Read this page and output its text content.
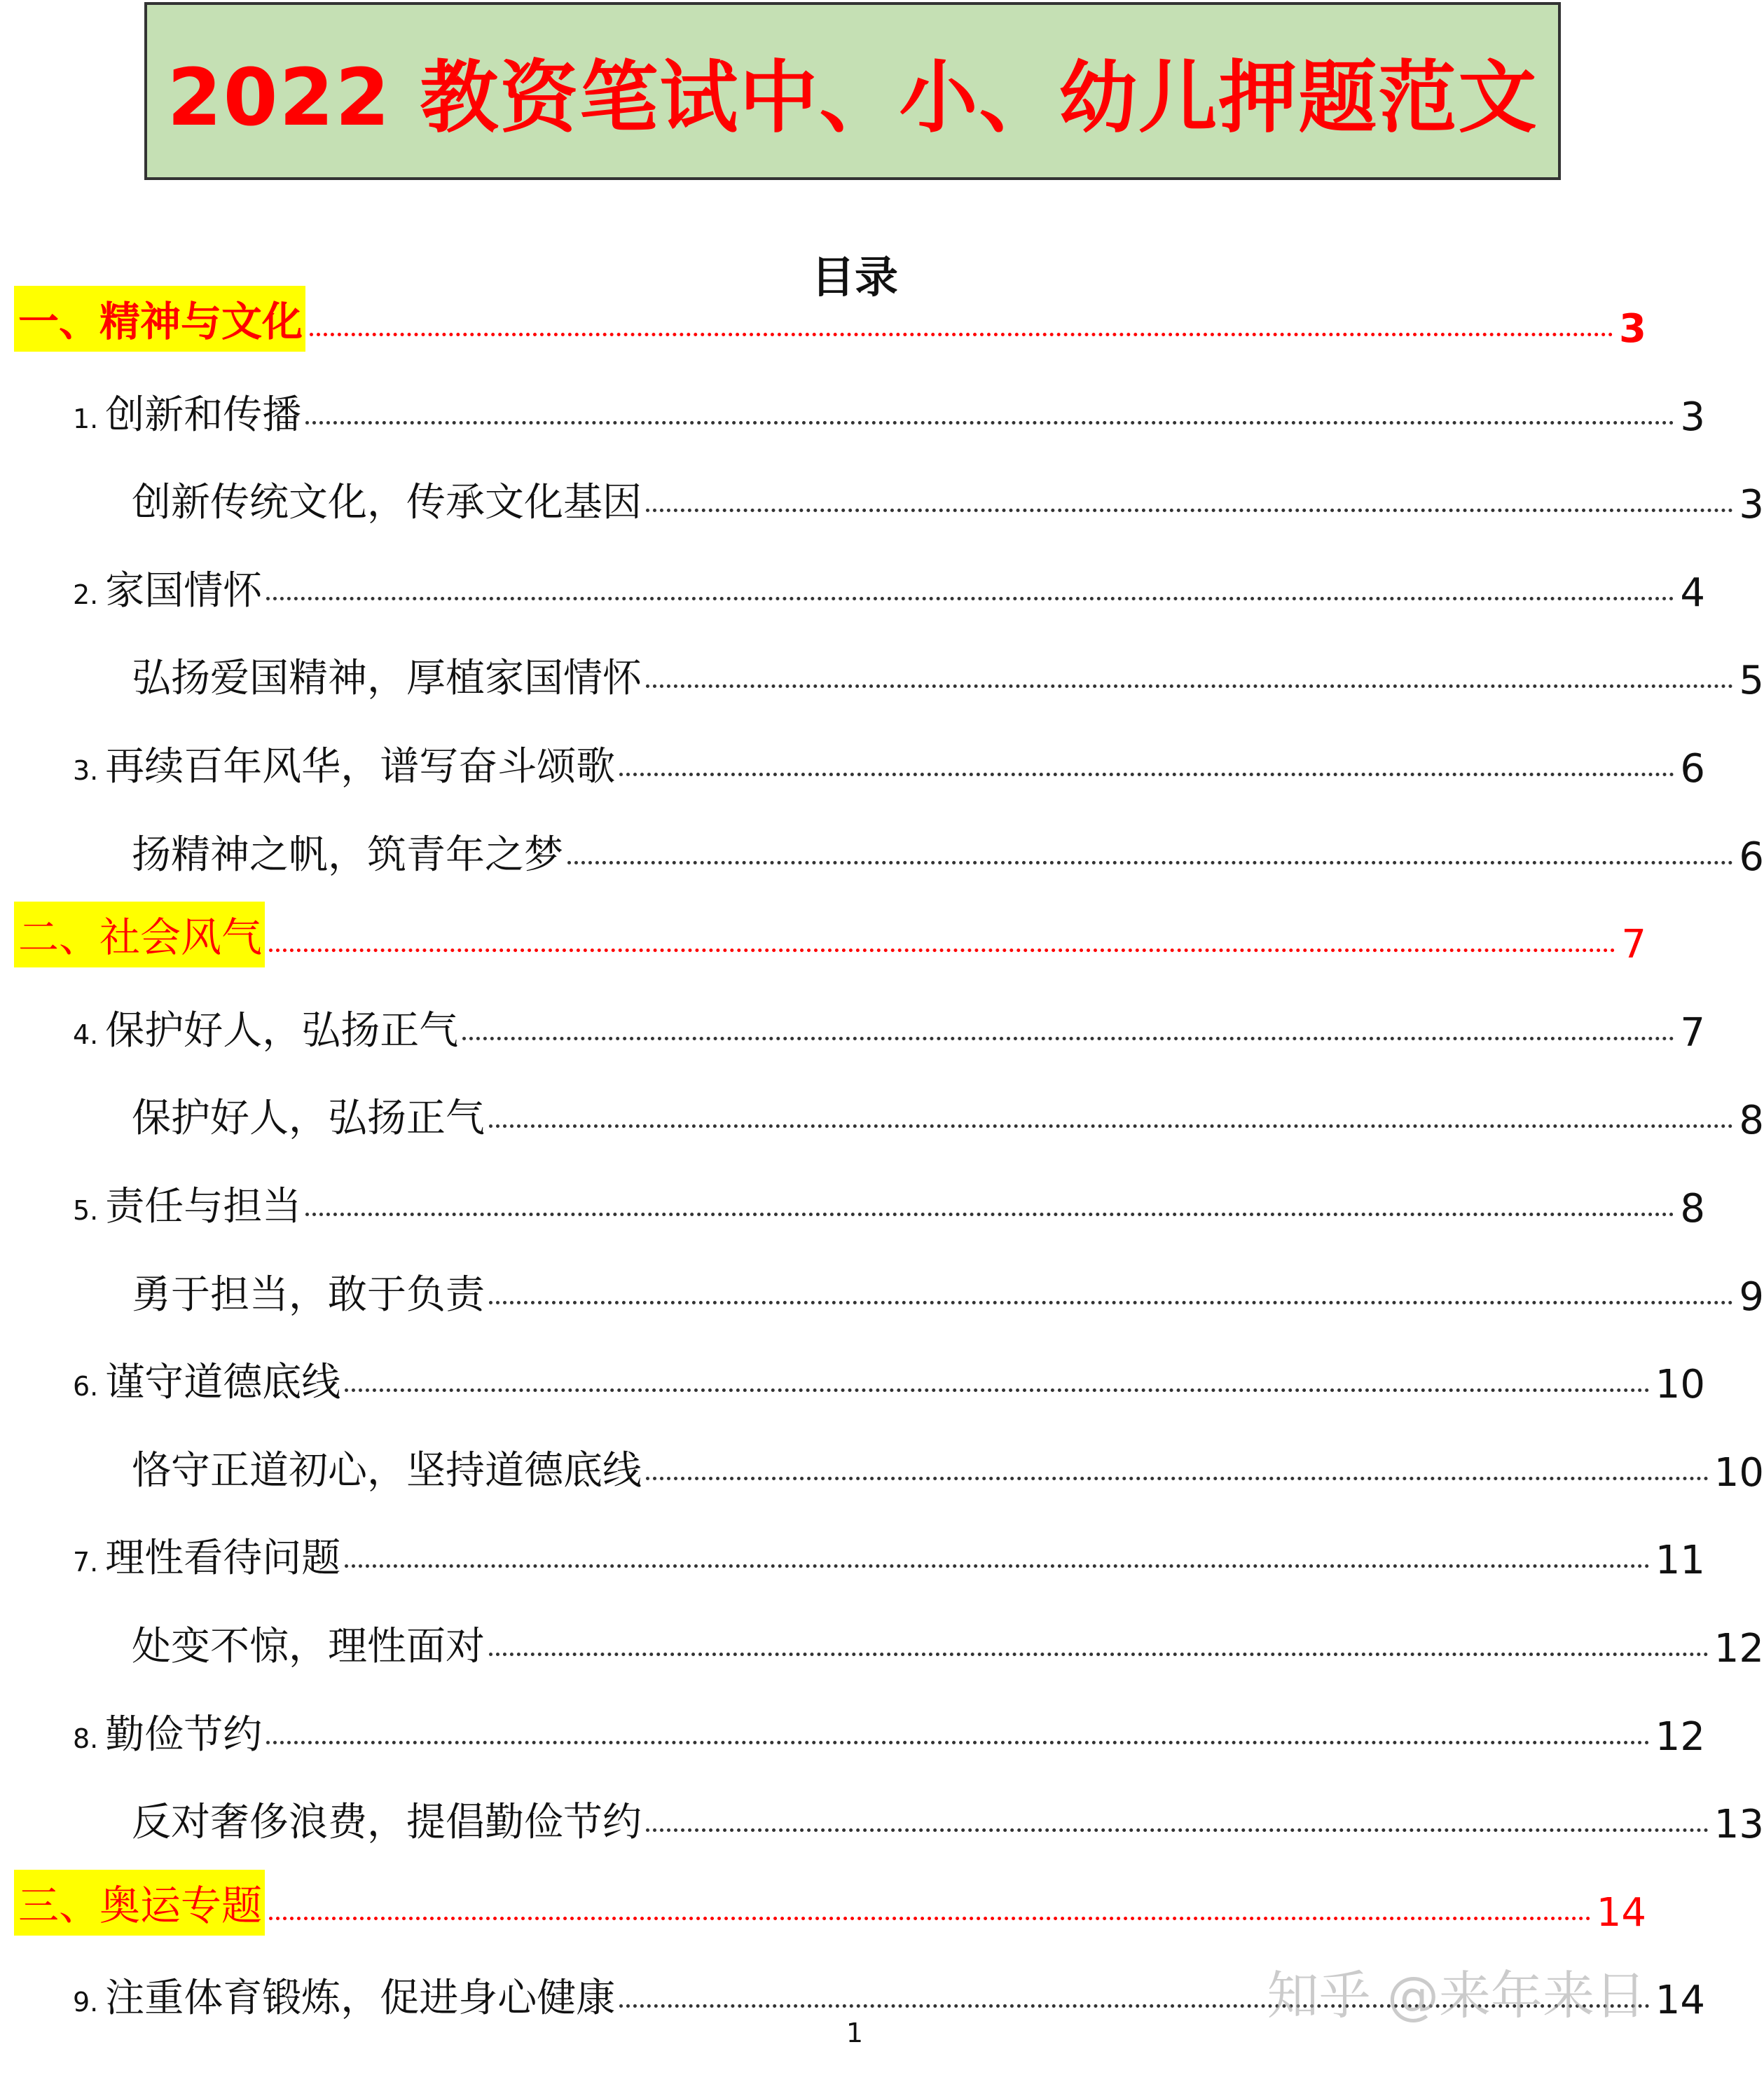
2022 教资笔试中、小、幼儿押题范文
目录
一、精神与文化	3
1. 创新和传播	3
创新传统文化，传承文化基因	3
2. 家国情怀	4
弘扬爱国精神，厚植家国情怀	5
3. 再续百年风华，谱写奋斗颂歌	6
扬精神之帆，筑青年之梦	6
二、社会风气	7
4. 保护好人，弘扬正气	7
保护好人，弘扬正气	8
5. 责任与担当	8
勇于担当，敢于负责	9
6. 谨守道德底线	10
恪守正道初心，坚持道德底线	10
7. 理性看待问题	11
处变不惊，理性面对	12
8. 勤俭节约	12
反对奢侈浪费，提倡勤俭节约	13
三、奥运专题	14
9. 注重体育锻炼，促进身心健康	14
1
知乎 @来年来日
